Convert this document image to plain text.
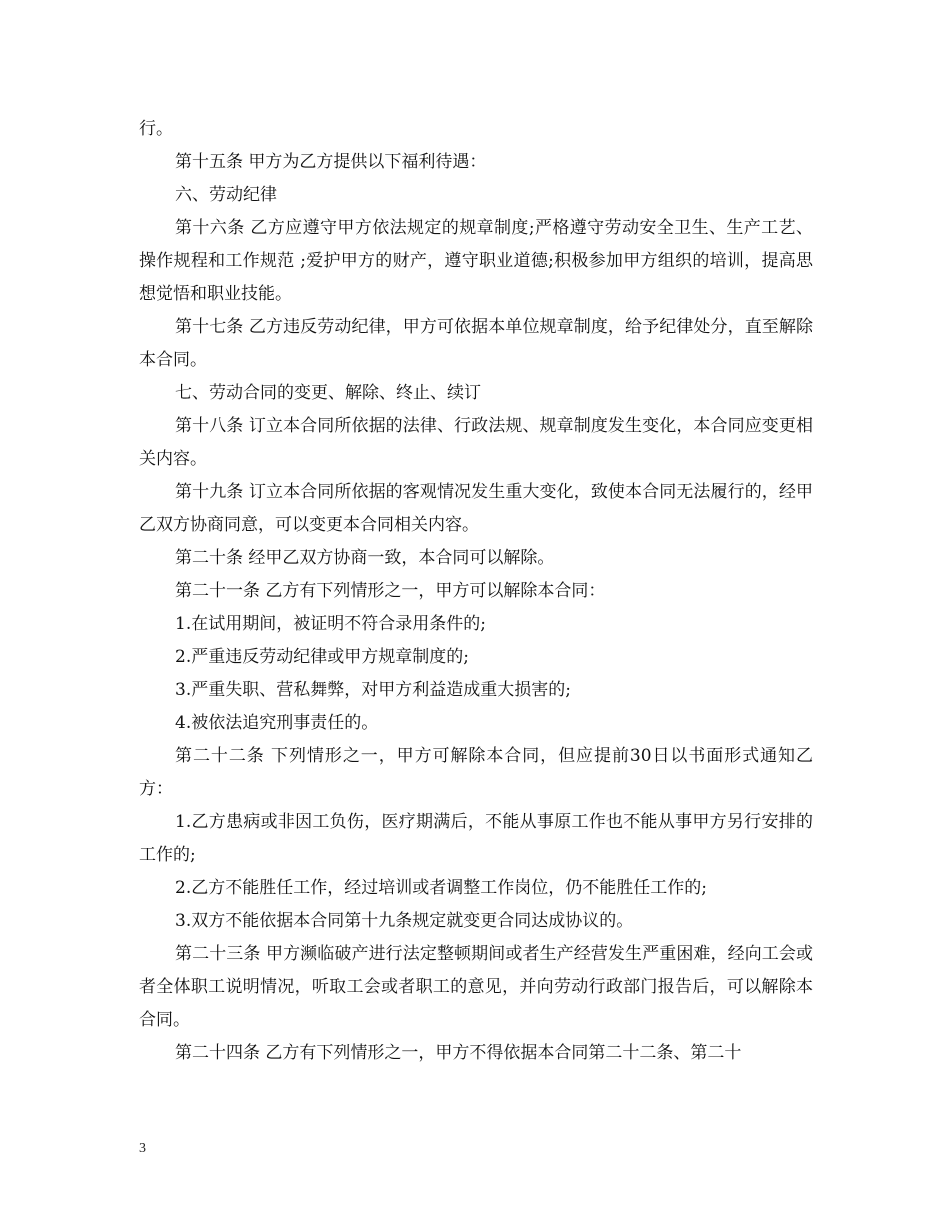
行。

第十五条 甲方为乙方提供以下福利待遇：

六、劳动纪律

第十六条 乙方应遵守甲方依法规定的规章制度;严格遵守劳动安全卫生、生产工艺、操作规程和工作规范 ;爱护甲方的财产，遵守职业道德;积极参加甲方组织的培训，提高思想觉悟和职业技能。

第十七条 乙方违反劳动纪律，甲方可依据本单位规章制度，给予纪律处分，直至解除本合同。

七、劳动合同的变更、解除、终止、续订

第十八条 订立本合同所依据的法律、行政法规、规章制度发生变化，本合同应变更相关内容。

第十九条 订立本合同所依据的客观情况发生重大变化，致使本合同无法履行的，经甲乙双方协商同意，可以变更本合同相关内容。

第二十条 经甲乙双方协商一致，本合同可以解除。

第二十一条 乙方有下列情形之一，甲方可以解除本合同：

1.在试用期间，被证明不符合录用条件的;

2.严重违反劳动纪律或甲方规章制度的;

3.严重失职、营私舞弊，对甲方利益造成重大损害的;

4.被依法追究刑事责任的。

第二十二条 下列情形之一，甲方可解除本合同，但应提前30日以书面形式通知乙方：

1.乙方患病或非因工负伤，医疗期满后，不能从事原工作也不能从事甲方另行安排的工作的;

2.乙方不能胜任工作，经过培训或者调整工作岗位，仍不能胜任工作的;

3.双方不能依据本合同第十九条规定就变更合同达成协议的。

第二十三条 甲方濒临破产进行法定整顿期间或者生产经营发生严重困难，经向工会或者全体职工说明情况，听取工会或者职工的意见，并向劳动行政部门报告后，可以解除本合同。

第二十四条 乙方有下列情形之一，甲方不得依据本合同第二十二条、第二十

3
